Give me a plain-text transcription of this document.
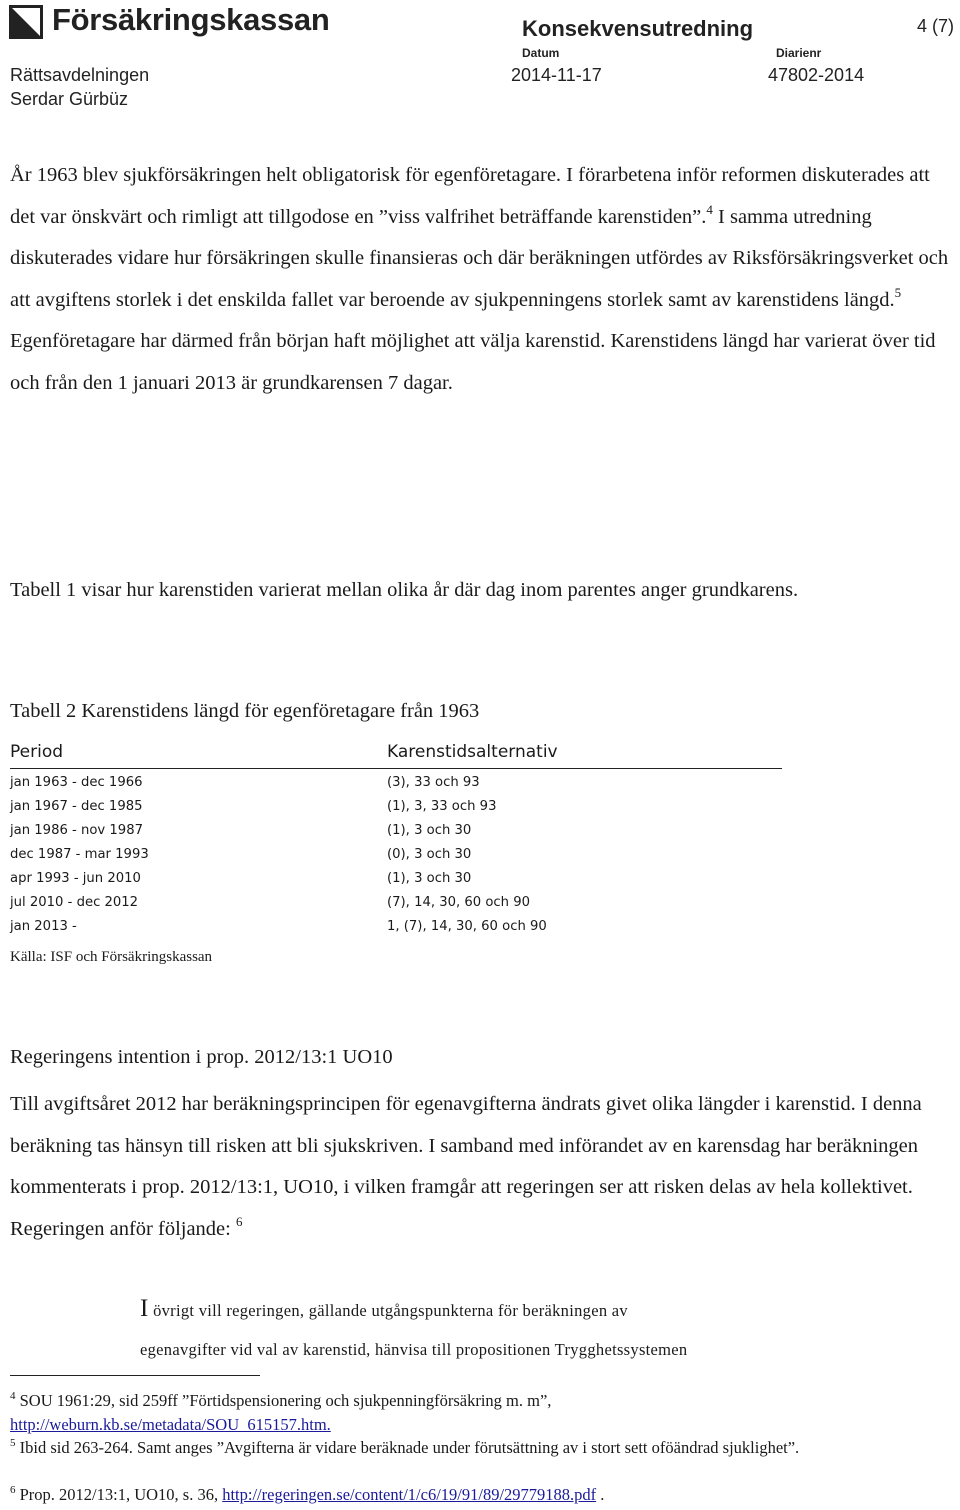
Försäkringskassan	Konsekvensutredning	4 (7)
Datum	Diarienr
Rättsavdelningen	2014-11-17	47802-2014
Serdar Gürbüz
År 1963 blev sjukförsäkringen helt obligatorisk för egenföretagare. I förarbetena inför reformen diskuterades att det var önskvärt och rimligt att tillgodose en ”viss valfrihet beträffande karenstiden”.$^4$ I samma utredning diskuterades vidare hur försäkringen skulle finansieras och där beräkningen utfördes av Riksförsäkringsverket och att avgiftens storlek i det enskilda fallet var beroende av sjukpenningens storlek samt av karenstidens längd.$^5$ Egenföretagare har därmed från början haft möjlighet att välja karenstid. Karenstidens längd har varierat över tid och från den 1 januari 2013 är grundkarensen 7 dagar.
Tabell 1 visar hur karenstiden varierat mellan olika år där dag inom parentes anger grundkarens.
Tabell 2 Karenstidens längd för egenföretagare från 1963
Period	Karenstidsalternativ
jan 1963 - dec 1966	(3), 33 och 93
jan 1967 - dec 1985	(1), 3, 33 och 93
jan 1986 - nov 1987	(1), 3 och 30
dec 1987 - mar 1993	(0), 3 och 30
apr 1993 - jun 2010	(1), 3 och 30
jul 2010 - dec 2012	(7), 14, 30, 60 och 90
jan 2013 -	1, (7), 14, 30, 60 och 90
Källa: ISF och Försäkringskassan
Regeringens intention i prop. 2012/13:1 UO10
Till avgiftsåret 2012 har beräkningsprincipen för egenavgifterna ändrats givet olika längder i karenstid. I denna beräkning tas hänsyn till risken att bli sjukskriven. I samband med införandet av en karensdag har beräkningen kommenterats i prop. 2012/13:1, UO10, i vilken framgår att regeringen ser att risken delas av hela kollektivet. Regeringen anför följande: $^6$
I övrigt vill regeringen, gällande utgångspunkterna för beräkningen av
egenavgifter vid val av karenstid, hänvisa till propositionen Trygghetssystemen
$^4$ SOU 1961:29, sid 259ff ”Förtidspensionering och sjukpenningförsäkring m. m”,
http://weburn.kb.se/metadata/SOU_615157.htm.
$^5$ Ibid sid 263-264. Samt anges ”Avgifterna är vidare beräknade under förutsättning av i stort sett oföändrad sjuklighet”.
$^6$ Prop. 2012/13:1, UO10, s. 36, http://regeringen.se/content/1/c6/19/91/89/29779188.pdf .
